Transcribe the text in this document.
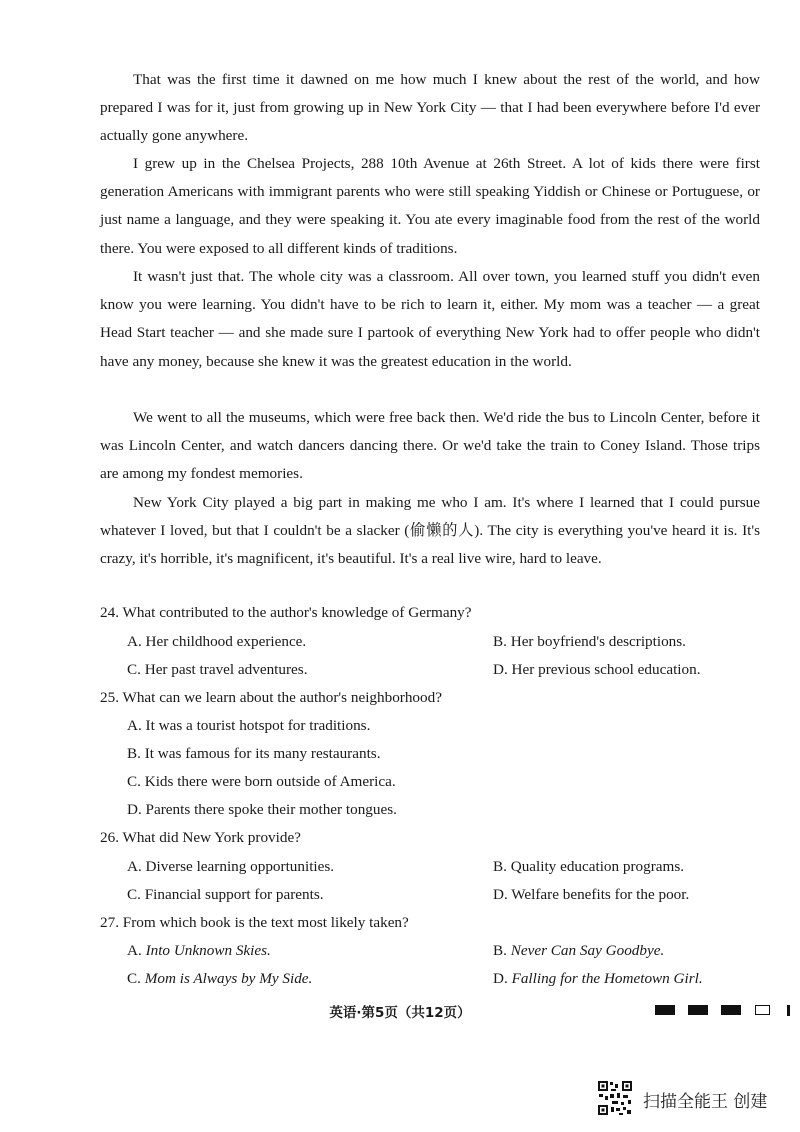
That was the first time it dawned on me how much I knew about the rest of the world, and how prepared I was for it, just from growing up in New York City — that I had been everywhere before I'd ever actually gone anywhere.

I grew up in the Chelsea Projects, 288 10th Avenue at 26th Street. A lot of kids there were first generation Americans with immigrant parents who were still speaking Yiddish or Chinese or Portuguese, or just name a language, and they were speaking it. You ate every imaginable food from the rest of the world there. You were exposed to all different kinds of traditions.

It wasn't just that. The whole city was a classroom. All over town, you learned stuff you didn't even know you were learning. You didn't have to be rich to learn it, either. My mom was a teacher — a great Head Start teacher — and she made sure I partook of everything New York had to offer people who didn't have any money, because she knew it was the greatest education in the world.

We went to all the museums, which were free back then. We'd ride the bus to Lincoln Center, before it was Lincoln Center, and watch dancers dancing there. Or we'd take the train to Coney Island. Those trips are among my fondest memories.

New York City played a big part in making me who I am. It's where I learned that I could pursue whatever I loved, but that I couldn't be a slacker (偷懒的人). The city is everything you've heard it is. It's crazy, it's horrible, it's magnificent, it's beautiful. It's a real live wire, hard to leave.

24. What contributed to the author's knowledge of Germany?

A. Her childhood experience.	B. Her boyfriend's descriptions.

C. Her past travel adventures.	D. Her previous school education.

25. What can we learn about the author's neighborhood?

A. It was a tourist hotspot for traditions.

B. It was famous for its many restaurants.

C. Kids there were born outside of America.

D. Parents there spoke their mother tongues.

26. What did New York provide?

A. Diverse learning opportunities.	B. Quality education programs.

C. Financial support for parents.	D. Welfare benefits for the poor.

27. From which book is the text most likely taken?

A. Into Unknown Skies.	B. Never Can Say Goodbye.

C. Mom is Always by My Side.	D. Falling for the Hometown Girl.

英语·第5页（共12页）
扫描全能王 创建
